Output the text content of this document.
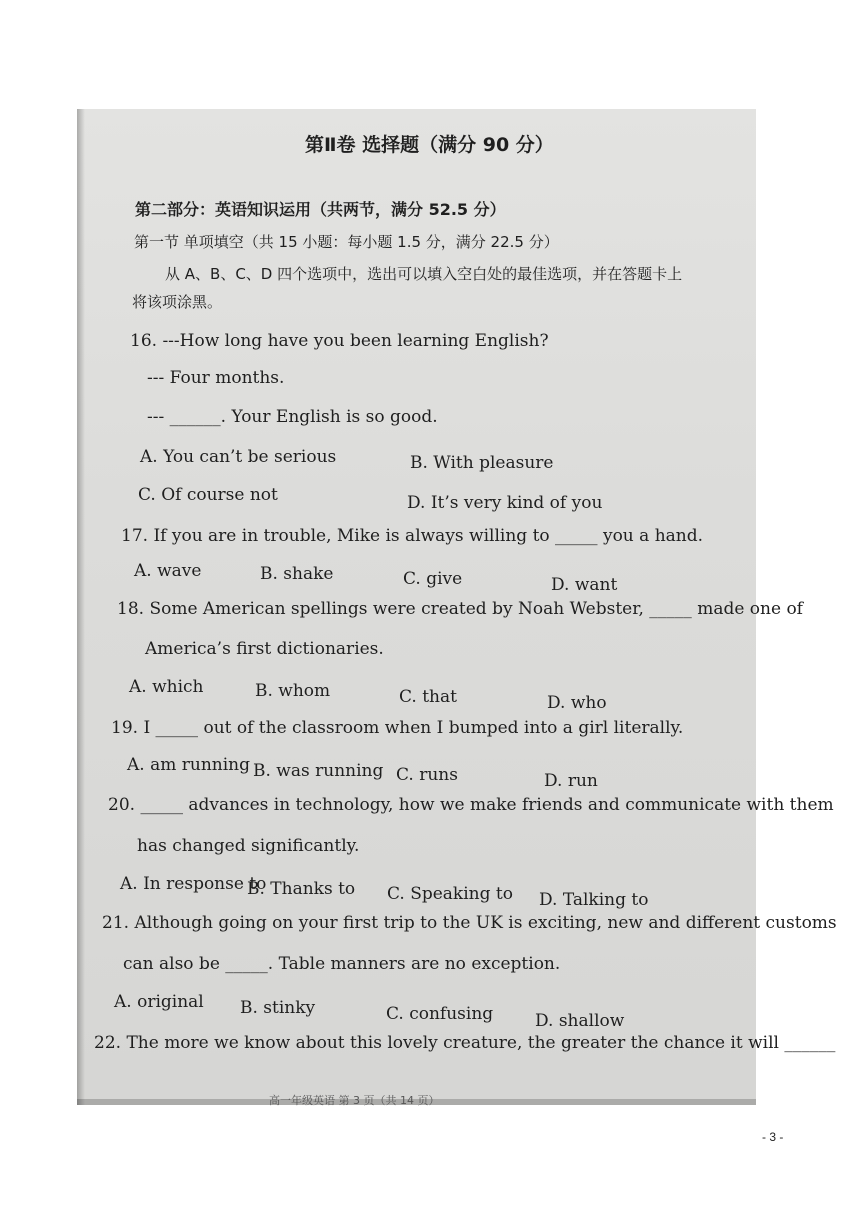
第Ⅱ卷 选择题（满分 90 分）
第二部分：英语知识运用（共两节，满分 52.5 分）
第一节 单项填空（共 15 小题：每小题 1.5 分，满分 22.5 分）
从 A、B、C、D 四个选项中，选出可以填入空白处的最佳选项，并在答题卡上
将该项涂黑。
16. ---How long have you been learning English?
--- Four months.
--- ______. Your English is so good.
A. You can’t be serious	B. With pleasure
C. Of course not	D. It’s very kind of you
17. If you are in trouble, Mike is always willing to _____ you a hand.
A. wave	B. shake	C. give	D. want
18. Some American spellings were created by Noah Webster, _____ made one of
America’s first dictionaries.
A. which	B. whom	C. that	D. who
19. I _____ out of the classroom when I bumped into a girl literally.
A. am running B. was running C. runs	D. run
20. _____ advances in technology, how we make friends and communicate with them
has changed significantly.
A. In response to
B. Thanks to C. Speaking to D. Talking to
21. Although going on your first trip to the UK is exciting, new and different customs
can also be _____. Table manners are no exception.
A. original B. stinky	C. confusing D. shallow
22. The more we know about this lovely creature, the greater the chance it will ______
高一年级英语 第 3 页（共 14 页）
- 3 -
